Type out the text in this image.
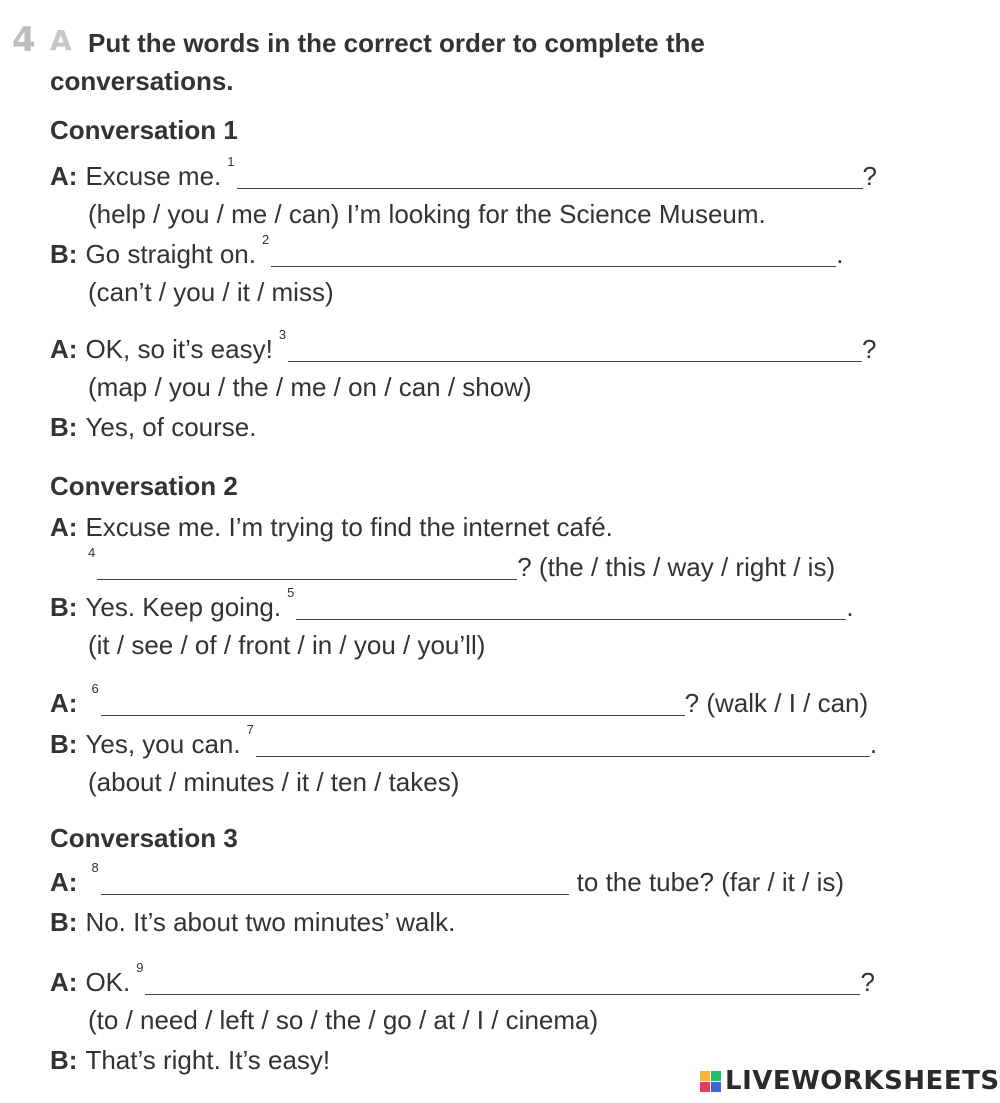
4 A Put the words in the correct order to complete the conversations.
Conversation 1
A: Excuse me. 1	?
(help / you / me / can) I’m looking for the Science Museum.
B: Go straight on. 2	.
(can’t / you / it / miss)
A: OK, so it’s easy! 3	?
(map / you / the / me / on / can / show)
B: Yes, of course.
Conversation 2
A: Excuse me. I’m trying to find the internet café.
4	? (the / this / way / right / is)
B: Yes. Keep going. 5	.
(it / see / of / front / in / you / you’ll)
A: 6	? (walk / I / can)
B: Yes, you can. 7	.
(about / minutes / it / ten / takes)
Conversation 3
A: 8	to the tube? (far / it / is)
B: No. It’s about two minutes’ walk.
A: OK. 9	?
(to / need / left / so / the / go / at / I / cinema)
B: That’s right. It’s easy!
LIVEWORKSHEETS
